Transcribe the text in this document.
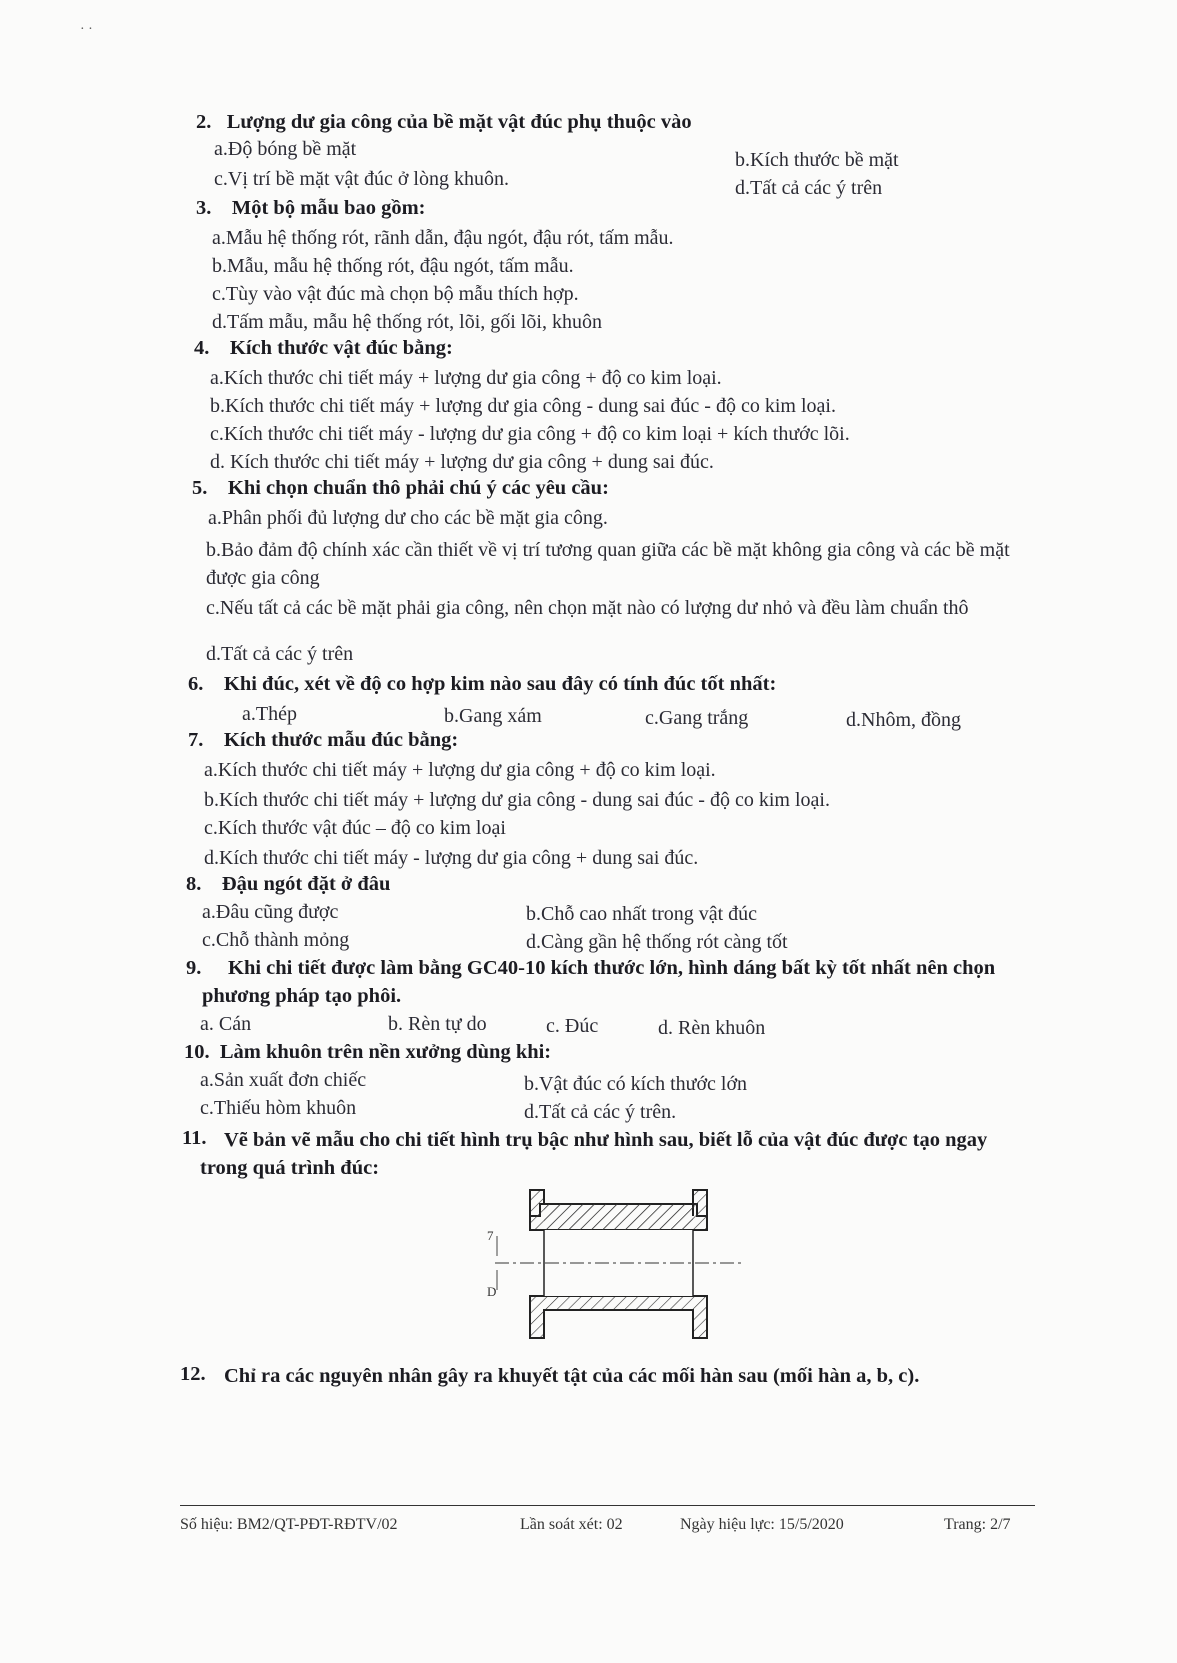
· ·
2. Lượng dư gia công của bề mặt vật đúc phụ thuộc vào
a.Độ bóng bề mặt	b.Kích thước bề mặt
c.Vị trí bề mặt vật đúc ở lòng khuôn.	d.Tất cả các ý trên
3. Một bộ mẫu bao gồm:
a.Mẫu hệ thống rót, rãnh dẫn, đậu ngót, đậu rót, tấm mẫu.
b.Mẫu, mẫu hệ thống rót, đậu ngót, tấm mẫu.
c.Tùy vào vật đúc mà chọn bộ mẫu thích hợp.
d.Tấm mẫu, mẫu hệ thống rót, lõi, gối lõi, khuôn
4. Kích thước vật đúc bằng:
a.Kích thước chi tiết máy + lượng dư gia công + độ co kim loại.
b.Kích thước chi tiết máy + lượng dư gia công - dung sai đúc - độ co kim loại.
c.Kích thước chi tiết máy - lượng dư gia công + độ co kim loại + kích thước lõi.
d. Kích thước chi tiết máy + lượng dư gia công + dung sai đúc.
5. Khi chọn chuẩn thô phải chú ý các yêu cầu:
a.Phân phối đủ lượng dư cho các bề mặt gia công.
b.Bảo đảm độ chính xác cần thiết về vị trí tương quan giữa các bề mặt không gia công và các bề mặt được gia công
c.Nếu tất cả các bề mặt phải gia công, nên chọn mặt nào có lượng dư nhỏ và đều làm chuẩn thô
d.Tất cả các ý trên
6. Khi đúc, xét về độ co hợp kim nào sau đây có tính đúc tốt nhất:
a.Thép	b.Gang xám	c.Gang trắng	d.Nhôm, đồng
7. Kích thước mẫu đúc bằng:
a.Kích thước chi tiết máy + lượng dư gia công + độ co kim loại.
b.Kích thước chi tiết máy + lượng dư gia công - dung sai đúc - độ co kim loại.
c.Kích thước vật đúc – độ co kim loại
d.Kích thước chi tiết máy - lượng dư gia công + dung sai đúc.
8. Đậu ngót đặt ở đâu
a.Đâu cũng được	b.Chỗ cao nhất trong vật đúc
c.Chỗ thành mỏng	d.Càng gần hệ thống rót càng tốt
9.	Khi chi tiết được làm bằng GC40-10 kích thước lớn, hình dáng bất kỳ tốt nhất nên chọn phương pháp tạo phôi.
a. Cán	b. Rèn tự do	c. Đúc	d. Rèn khuôn
10. Làm khuôn trên nền xưởng dùng khi:
a.Sản xuất đơn chiếc	b.Vật đúc có kích thước lớn
c.Thiếu hòm khuôn	d.Tất cả các ý trên.
11. Vẽ bản vẽ mẫu cho chi tiết hình trụ bậc như hình sau, biết lỗ của vật đúc được tạo ngay trong quá trình đúc:
7
D
12. Chỉ ra các nguyên nhân gây ra khuyết tật của các mối hàn sau (mối hàn a, b, c).
Số hiệu: BM2/QT-PĐT-RĐTV/02	Lần soát xét: 02	Ngày hiệu lực: 15/5/2020	Trang: 2/7
